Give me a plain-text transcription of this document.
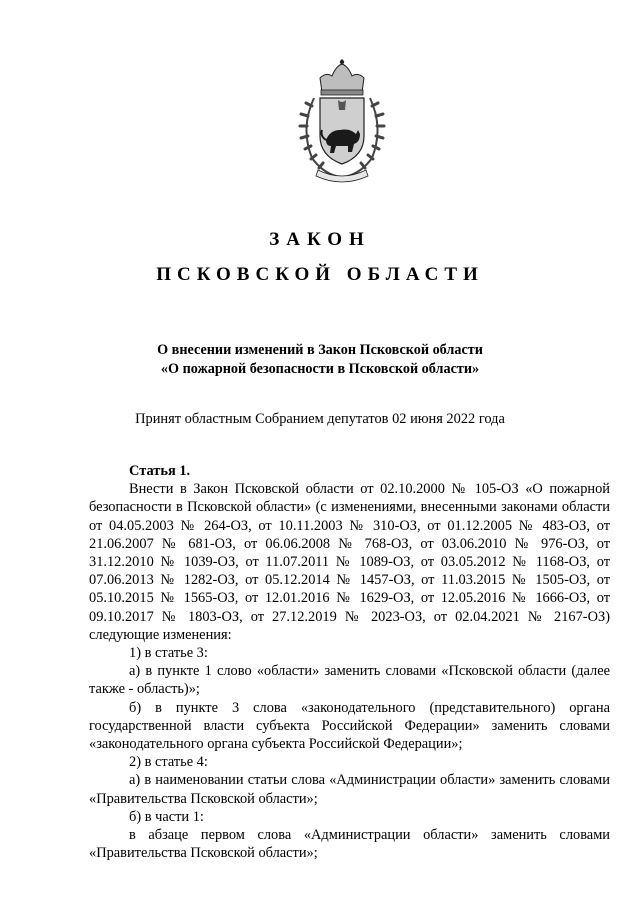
ЗАКОН
ПСКОВСКОЙ ОБЛАСТИ
О внесении изменений в Закон Псковской области
«О пожарной безопасности в Псковской области»
Принят областным Собранием депутатов 02 июня 2022 года

Статья 1.

Внести в Закон Псковской области от 02.10.2000 № 105-ОЗ «О пожарной безопасности в Псковской области» (с изменениями, внесенными законами области от 04.05.2003 № 264-ОЗ, от 10.11.2003 № 310-ОЗ, от 01.12.2005 № 483-ОЗ, от 21.06.2007 № 681-ОЗ, от 06.06.2008 № 768-ОЗ, от 03.06.2010 № 976-ОЗ, от 31.12.2010 № 1039-ОЗ, от 11.07.2011 № 1089-ОЗ, от 03.05.2012 № 1168-ОЗ, от 07.06.2013 № 1282-ОЗ, от 05.12.2014 № 1457-ОЗ, от 11.03.2015 № 1505-ОЗ, от 05.10.2015 № 1565-ОЗ, от 12.01.2016 № 1629-ОЗ, от 12.05.2016 № 1666-ОЗ, от 09.10.2017 № 1803-ОЗ, от 27.12.2019 № 2023-ОЗ, от 02.04.2021 № 2167-ОЗ) следующие изменения:

1) в статье 3:

а) в пункте 1 слово «области» заменить словами «Псковской области (далее также - область)»;

б) в пункте 3 слова «законодательного (представительного) органа государственной власти субъекта Российской Федерации» заменить словами «законодательного органа субъекта Российской Федерации»;

2) в статье 4:

а) в наименовании статьи слова «Администрации области» заменить словами «Правительства Псковской области»;

б) в части 1:

в абзаце первом слова «Администрации области» заменить словами «Правительства Псковской области»;
